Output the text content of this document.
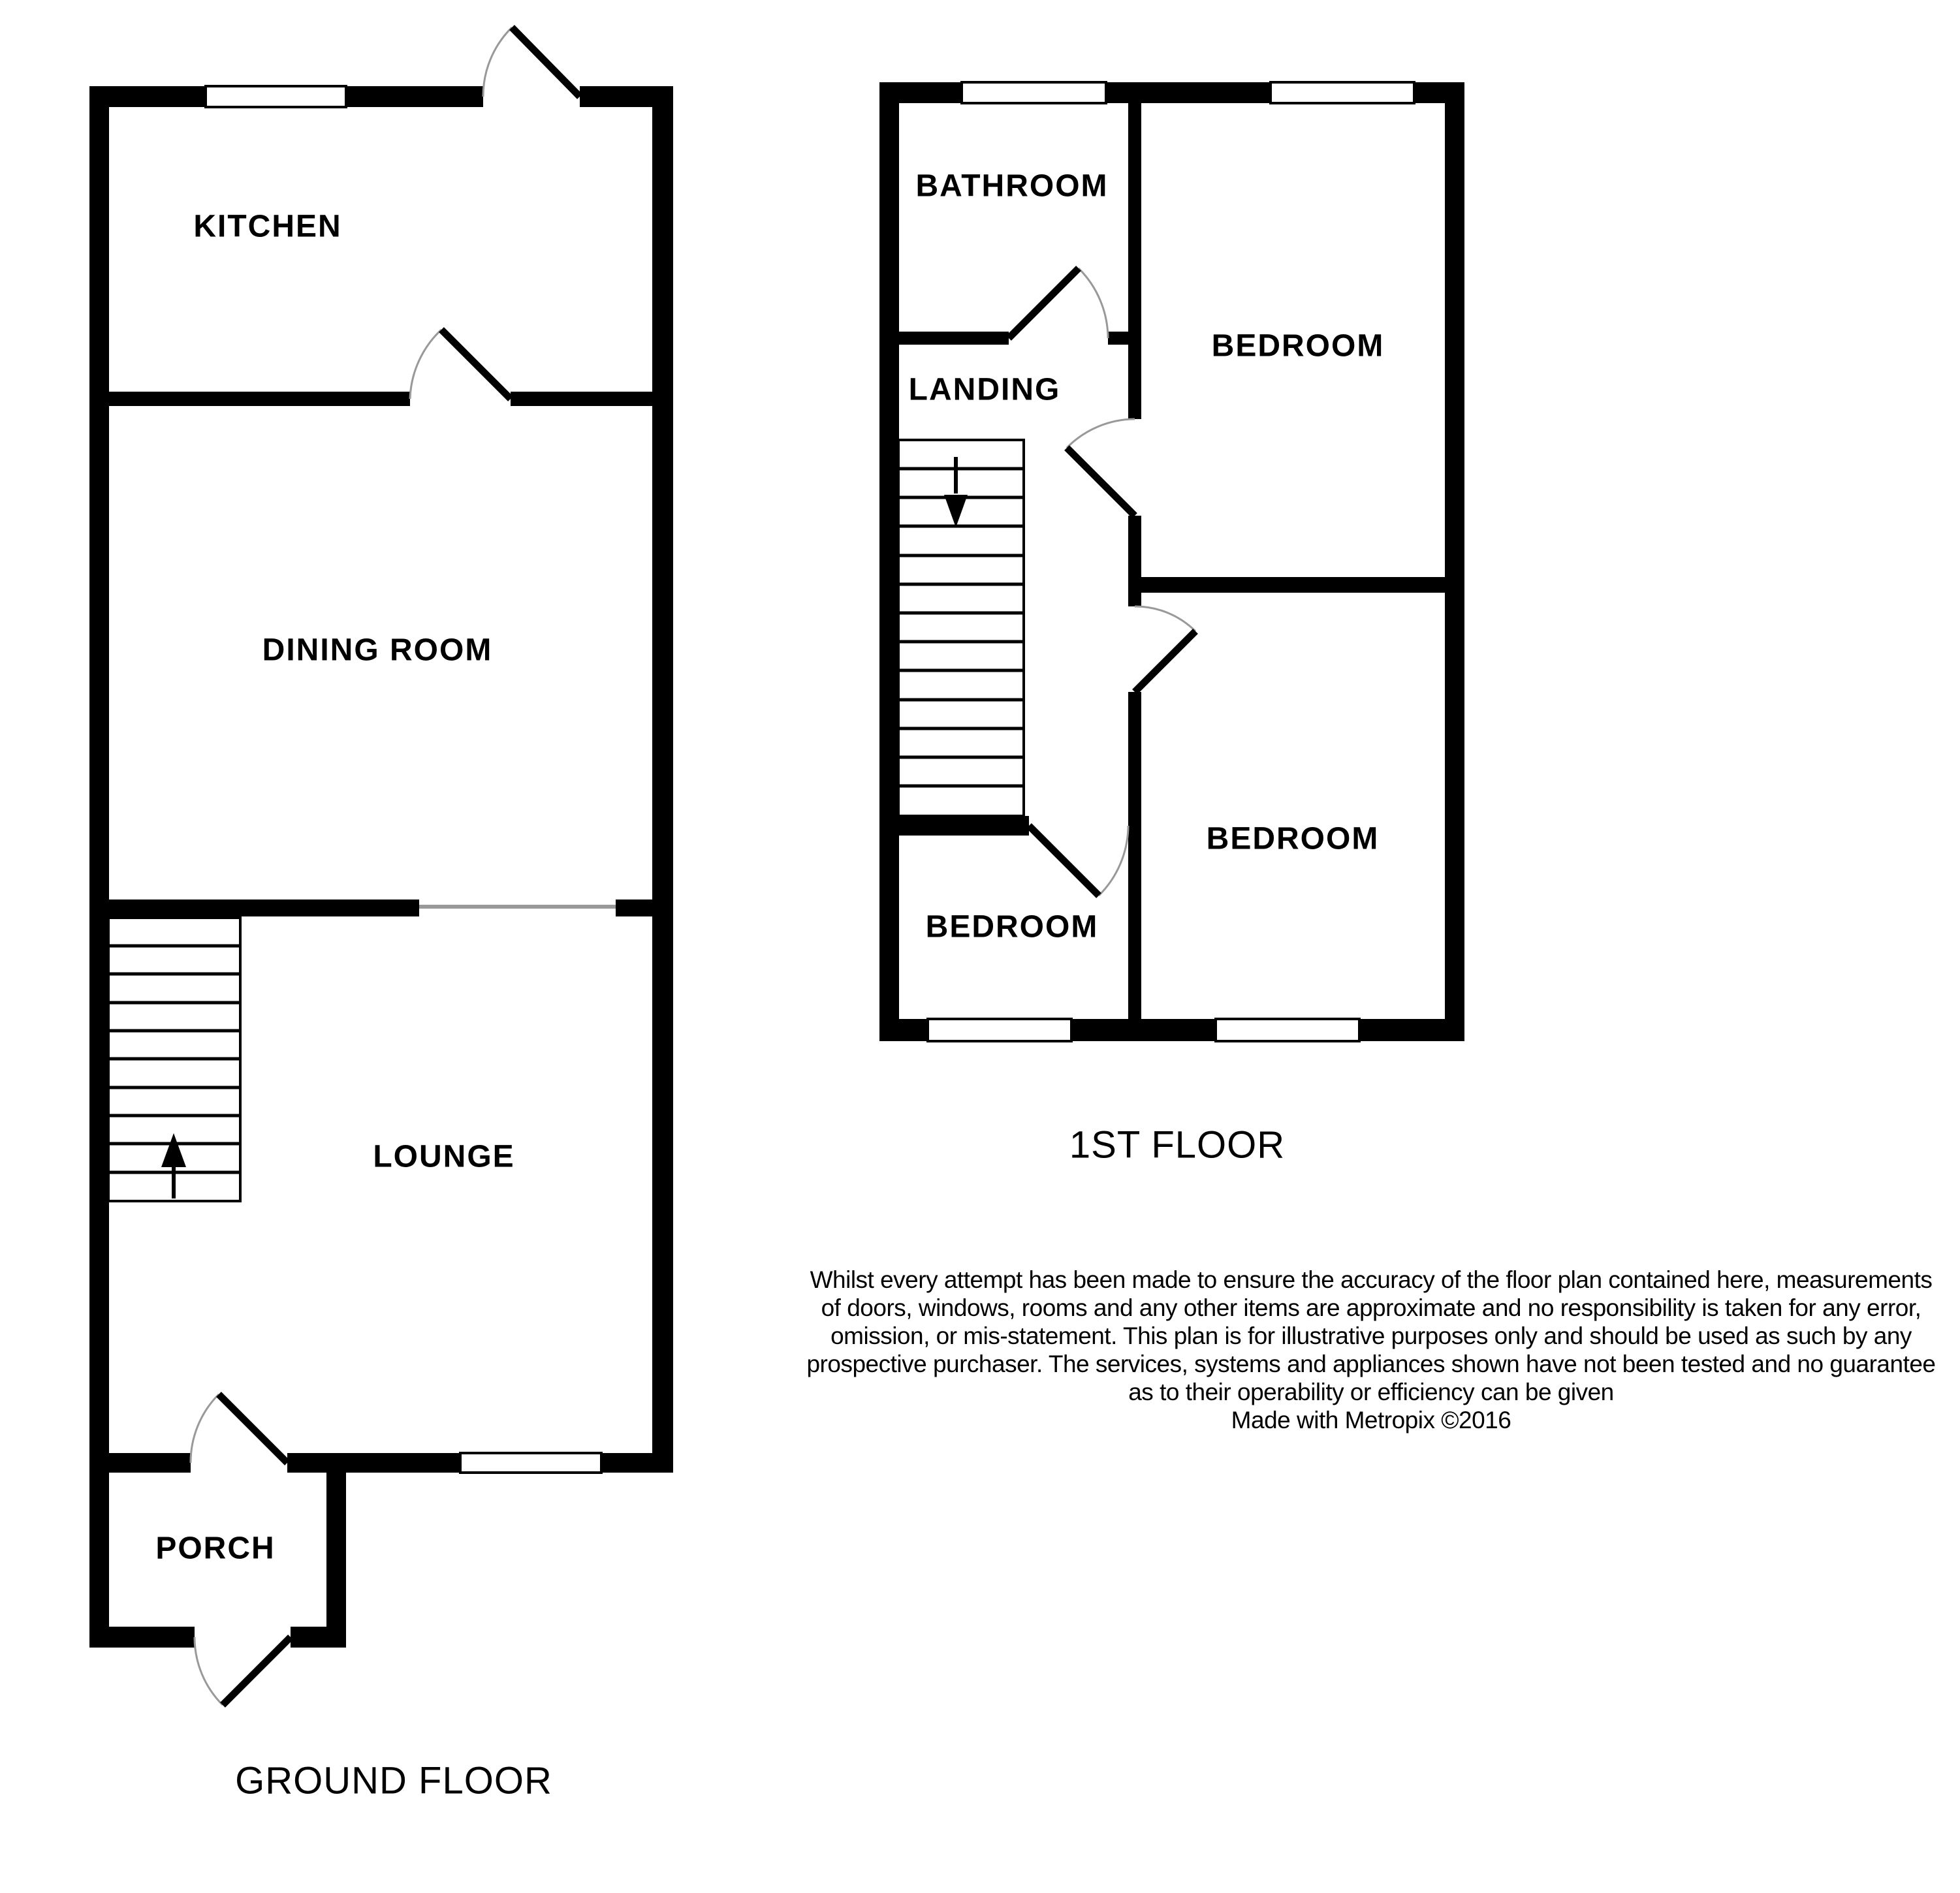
KITCHEN
DINING ROOM
LOUNGE
PORCH
GROUND FLOOR
BATHROOM
BEDROOM
LANDING
BEDROOM
BEDROOM
1ST FLOOR
Whilst every attempt has been made to ensure the accuracy of the floor plan contained here, measurements
of doors, windows, rooms and any other items are approximate and no responsibility is taken for any error,
omission, or mis-statement. This plan is for illustrative purposes only and should be used as such by any
prospective purchaser. The services, systems and appliances shown have not been tested and no guarantee
as to their operability or efficiency can be given
Made with Metropix ©2016
